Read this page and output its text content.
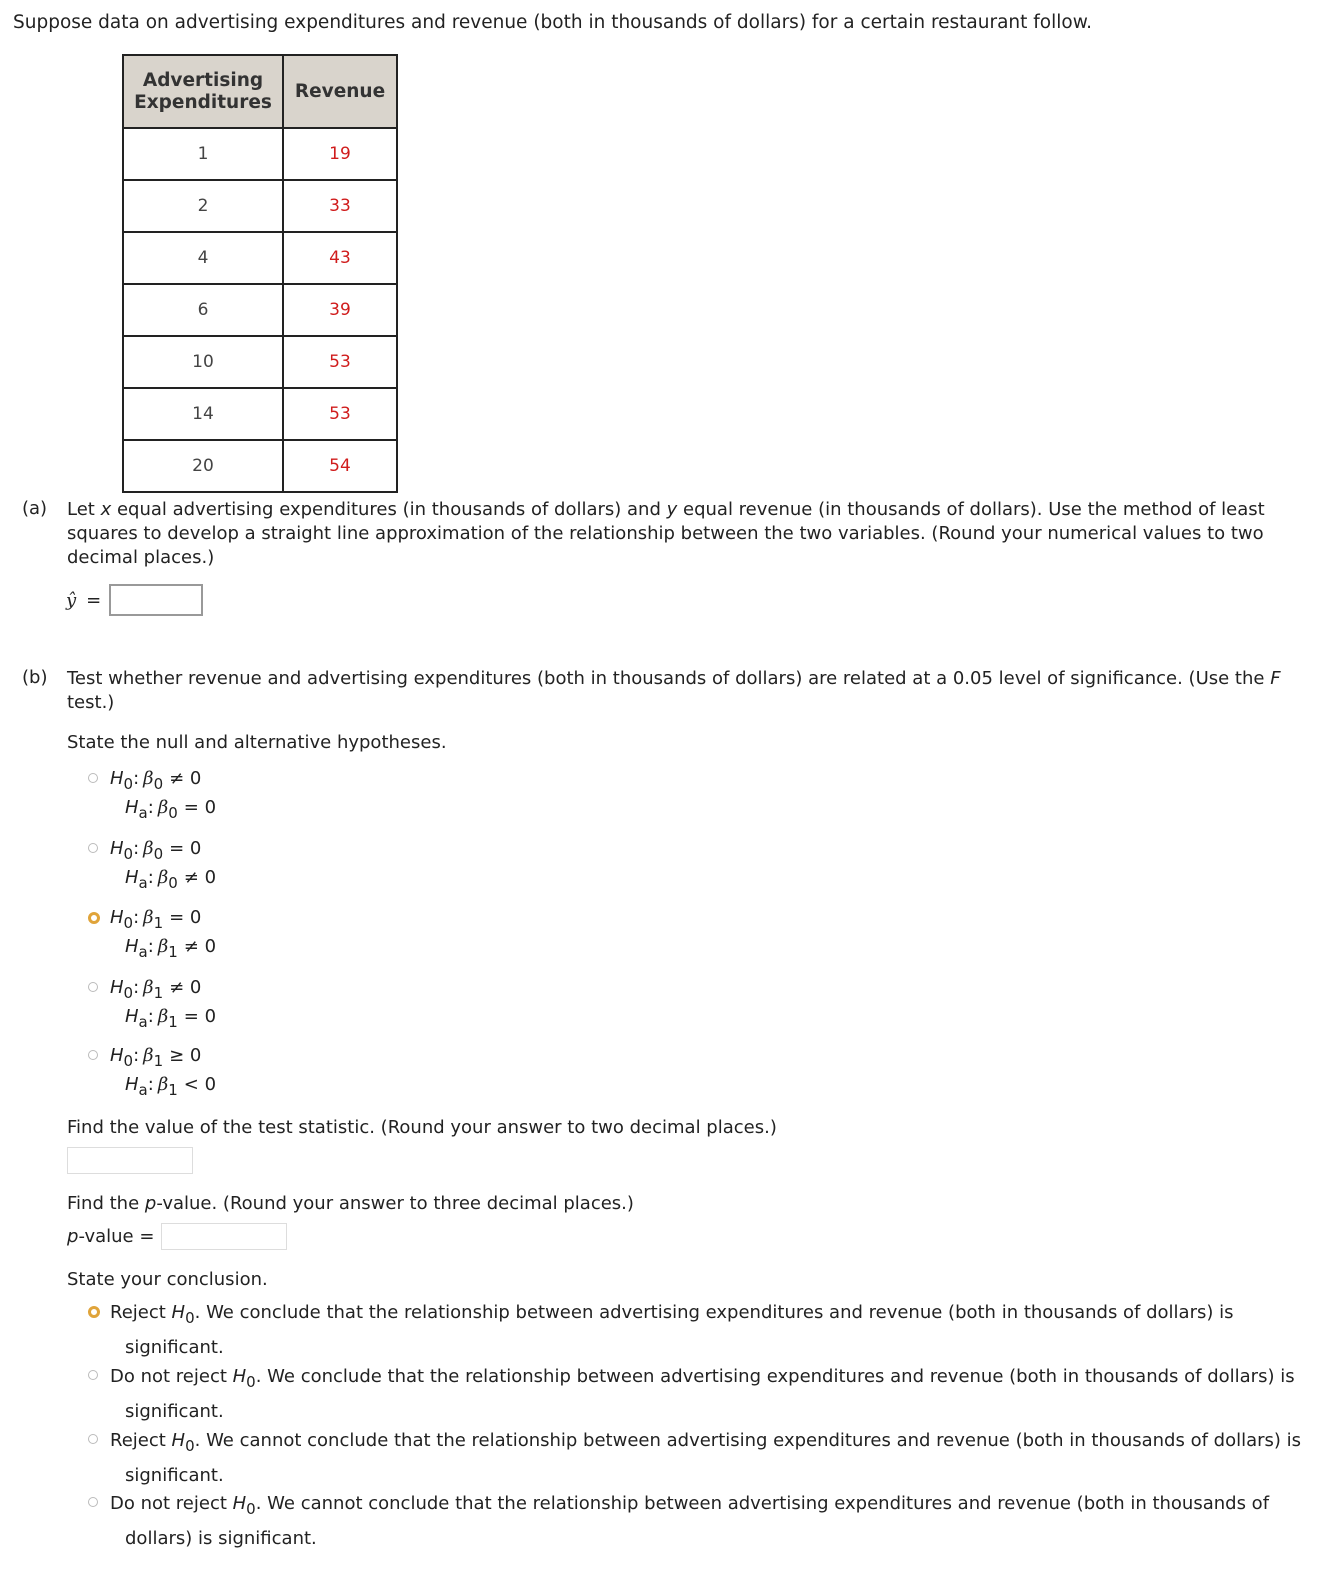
Suppose data on advertising expenditures and revenue (both in thousands of dollars) for a certain restaurant follow.
Advertising
Expenditures	Revenue
1	19
2	33
4	43
6	39
10	53
14	53
20	54
(a) Let x equal advertising expenditures (in thousands of dollars) and y equal revenue (in thousands of dollars). Use the method of least squares to develop a straight line approximation of the relationship between the two variables. (Round your numerical values to two decimal places.)
ŷ =
(b) Test whether revenue and advertising expenditures (both in thousands of dollars) are related at a 0.05 level of significance. (Use the F test.)
State the null and alternative hypotheses.
$H_0$: $\beta_0 \ne 0$
$H_a$: $\beta_0 = 0$
$H_0$: $\beta_0 = 0$
$H_a$: $\beta_0 \ne 0$
$H_0$: $\beta_1 = 0$
$H_a$: $\beta_1 \ne 0$
$H_0$: $\beta_1 \ne 0$
$H_a$: $\beta_1 = 0$
$H_0$: $\beta_1 \ge 0$
$H_a$: $\beta_1 < 0$
Find the value of the test statistic. (Round your answer to two decimal places.)
Find the p-value. (Round your answer to three decimal places.)
p-value =
State your conclusion.
Reject $H_0$. We conclude that the relationship between advertising expenditures and revenue (both in thousands of dollars) is
significant.
Do not reject $H_0$. We conclude that the relationship between advertising expenditures and revenue (both in thousands of dollars) is
significant.
Reject $H_0$. We cannot conclude that the relationship between advertising expenditures and revenue (both in thousands of dollars) is
significant.
Do not reject $H_0$. We cannot conclude that the relationship between advertising expenditures and revenue (both in thousands of
dollars) is significant.
